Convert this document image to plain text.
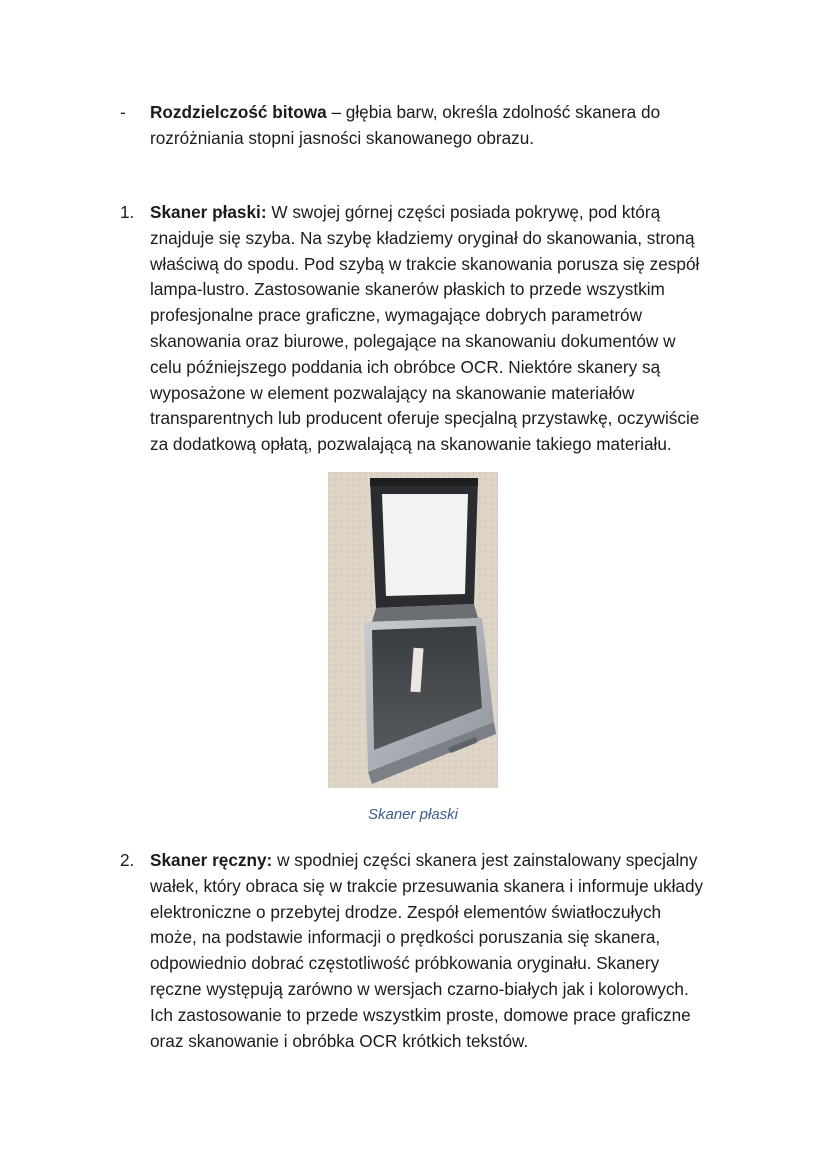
- Rozdzielczość bitowa – głębia barw, określa zdolność skanera do

rozróżniania stopni jasności skanowanego obrazu.

1. Skaner płaski: W swojej górnej części posiada pokrywę, pod którą

znajduje się szyba. Na szybę kładziemy oryginał do skanowania, stroną

właściwą do spodu. Pod szybą w trakcie skanowania porusza się zespół

lampa-lustro. Zastosowanie skanerów płaskich to przede wszystkim

profesjonalne prace graficzne, wymagające dobrych parametrów

skanowania oraz biurowe, polegające na skanowaniu dokumentów w

celu późniejszego poddania ich obróbce OCR. Niektóre skanery są

wyposażone w element pozwalający na skanowanie materiałów

transparentnych lub producent oferuje specjalną przystawkę, oczywiście

za dodatkową opłatą, pozwalającą na skanowanie takiego materiału.

Skaner płaski
2. Skaner ręczny: w spodniej części skanera jest zainstalowany specjalny

wałek, który obraca się w trakcie przesuwania skanera i informuje układy

elektroniczne o przebytej drodze. Zespół elementów światłoczułych

może, na podstawie informacji o prędkości poruszania się skanera,

odpowiednio dobrać częstotliwość próbkowania oryginału. Skanery

ręczne występują zarówno w wersjach czarno-białych jak i kolorowych.

Ich zastosowanie to przede wszystkim proste, domowe prace graficzne

oraz skanowanie i obróbka OCR krótkich tekstów.
